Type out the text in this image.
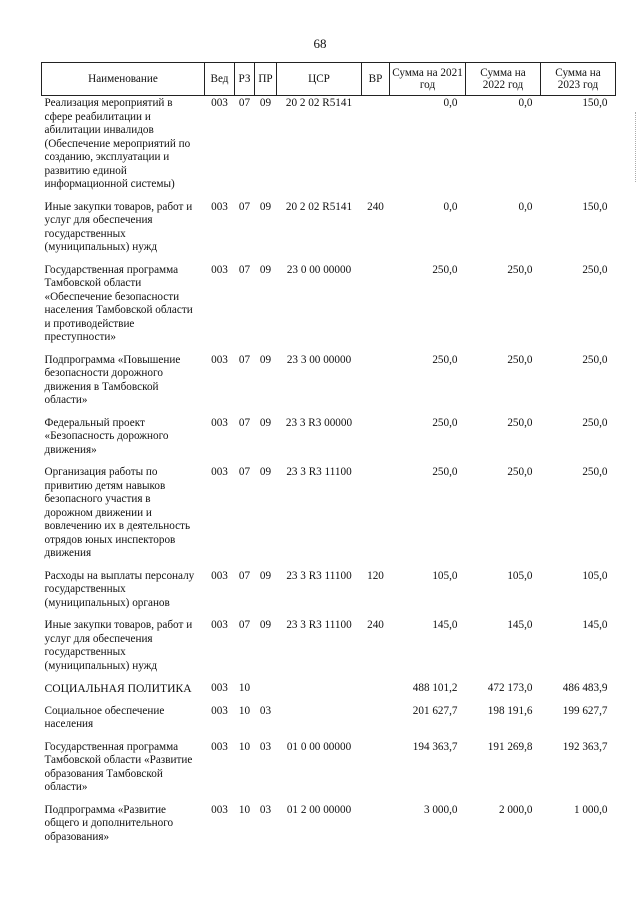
68
Наименование	Вед	РЗ	ПР	ЦСР	ВР	Сумма на 2021 год	Сумма на 2022 год	Сумма на 2023 год
Реализация мероприятий в сфере реабилитации и абилитации инвалидов (Обеспечение мероприятий по созданию, эксплуатации и развитию единой информационной системы)	003	07	09	20 2 02 R5141		0,0	0,0	150,0
Иные закупки товаров, работ и услуг для обеспечения государственных (муниципальных) нужд	003	07	09	20 2 02 R5141	240	0,0	0,0	150,0
Государственная программа Тамбовской области «Обеспечение безопасности населения Тамбовской области и противодействие преступности»	003	07	09	23 0 00 00000		250,0	250,0	250,0
Подпрограмма «Повышение безопасности дорожного движения в Тамбовской области»	003	07	09	23 3 00 00000		250,0	250,0	250,0
Федеральный проект «Безопасность дорожного движения»	003	07	09	23 3 R3 00000		250,0	250,0	250,0
Организация работы по привитию детям навыков безопасного участия в дорожном движении и вовлечению их в деятельность отрядов юных инспекторов движения	003	07	09	23 3 R3 11100		250,0	250,0	250,0
Расходы на выплаты персоналу государственных (муниципальных) органов	003	07	09	23 3 R3 11100	120	105,0	105,0	105,0
Иные закупки товаров, работ и услуг для обеспечения государственных (муниципальных) нужд	003	07	09	23 3 R3 11100	240	145,0	145,0	145,0
СОЦИАЛЬНАЯ ПОЛИТИКА	003	10				488 101,2	472 173,0	486 483,9
Социальное обеспечение населения	003	10	03			201 627,7	198 191,6	199 627,7
Государственная программа Тамбовской области «Развитие образования Тамбовской области»	003	10	03	01 0 00 00000		194 363,7	191 269,8	192 363,7
Подпрограмма «Развитие общего и дополнительного образования»	003	10	03	01 2 00 00000		3 000,0	2 000,0	1 000,0
